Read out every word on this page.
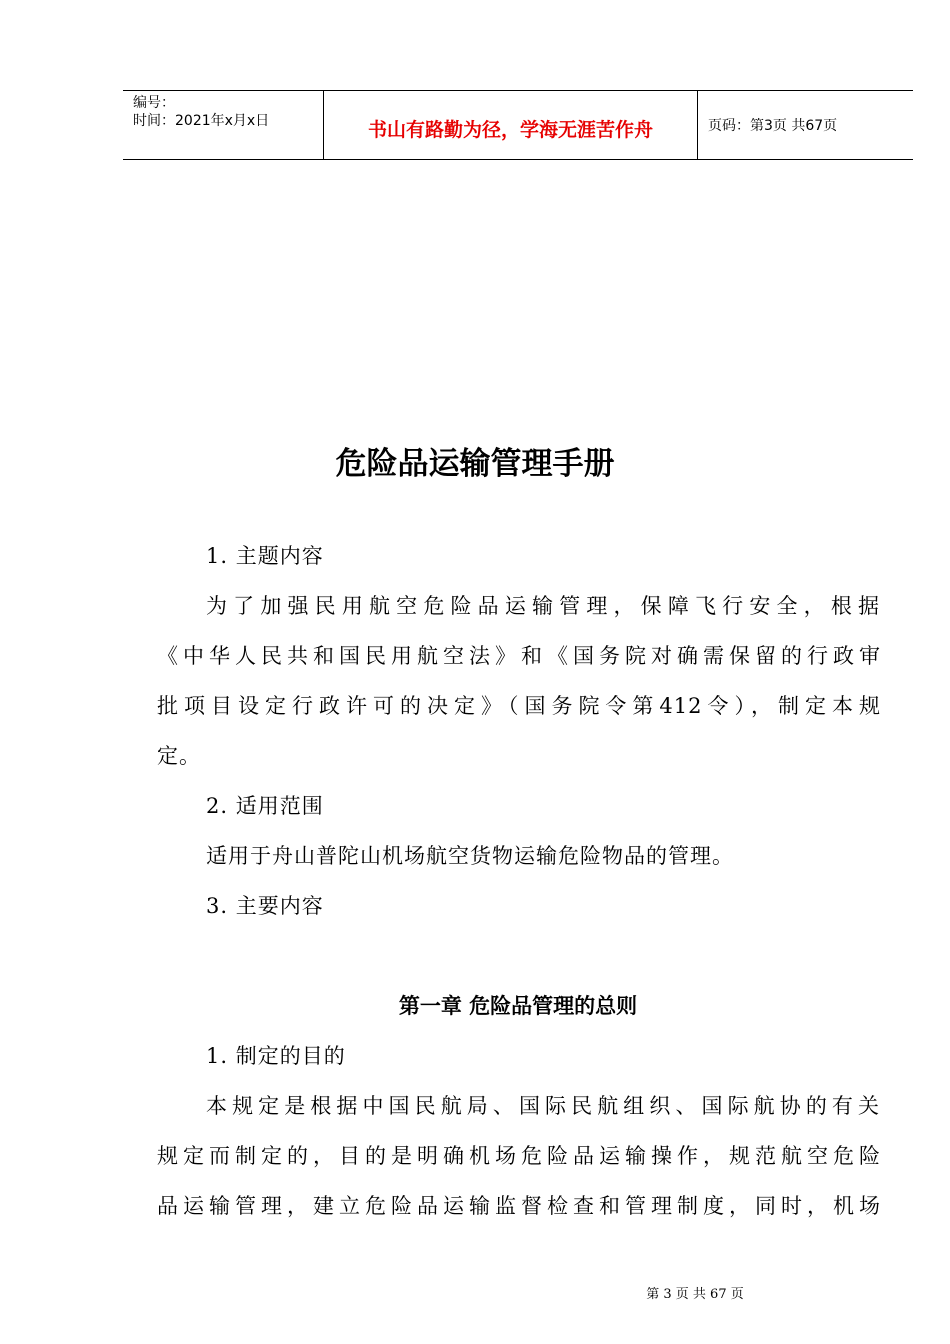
编号：
时间：2021年x月x日	书山有路勤为径，学海无涯苦作舟	页码：第3页 共67页
危险品运输管理手册
1. 主题内容
为了加强民用航空危险品运输管理，保障飞行安全，根据
《中华人民共和国民用航空法》和《国务院对确需保留的行政审
批项目设定行政许可的决定》（国务院令第412令），制定本规
定。
2. 适用范围
适用于舟山普陀山机场航空货物运输危险物品的管理。
3. 主要内容
第一章 危险品管理的总则
1. 制定的目的
本规定是根据中国民航局、国际民航组织、国际航协的有关
规定而制定的，目的是明确机场危险品运输操作，规范航空危险
品运输管理，建立危险品运输监督检查和管理制度，同时，机场
第 3 页 共 67 页
